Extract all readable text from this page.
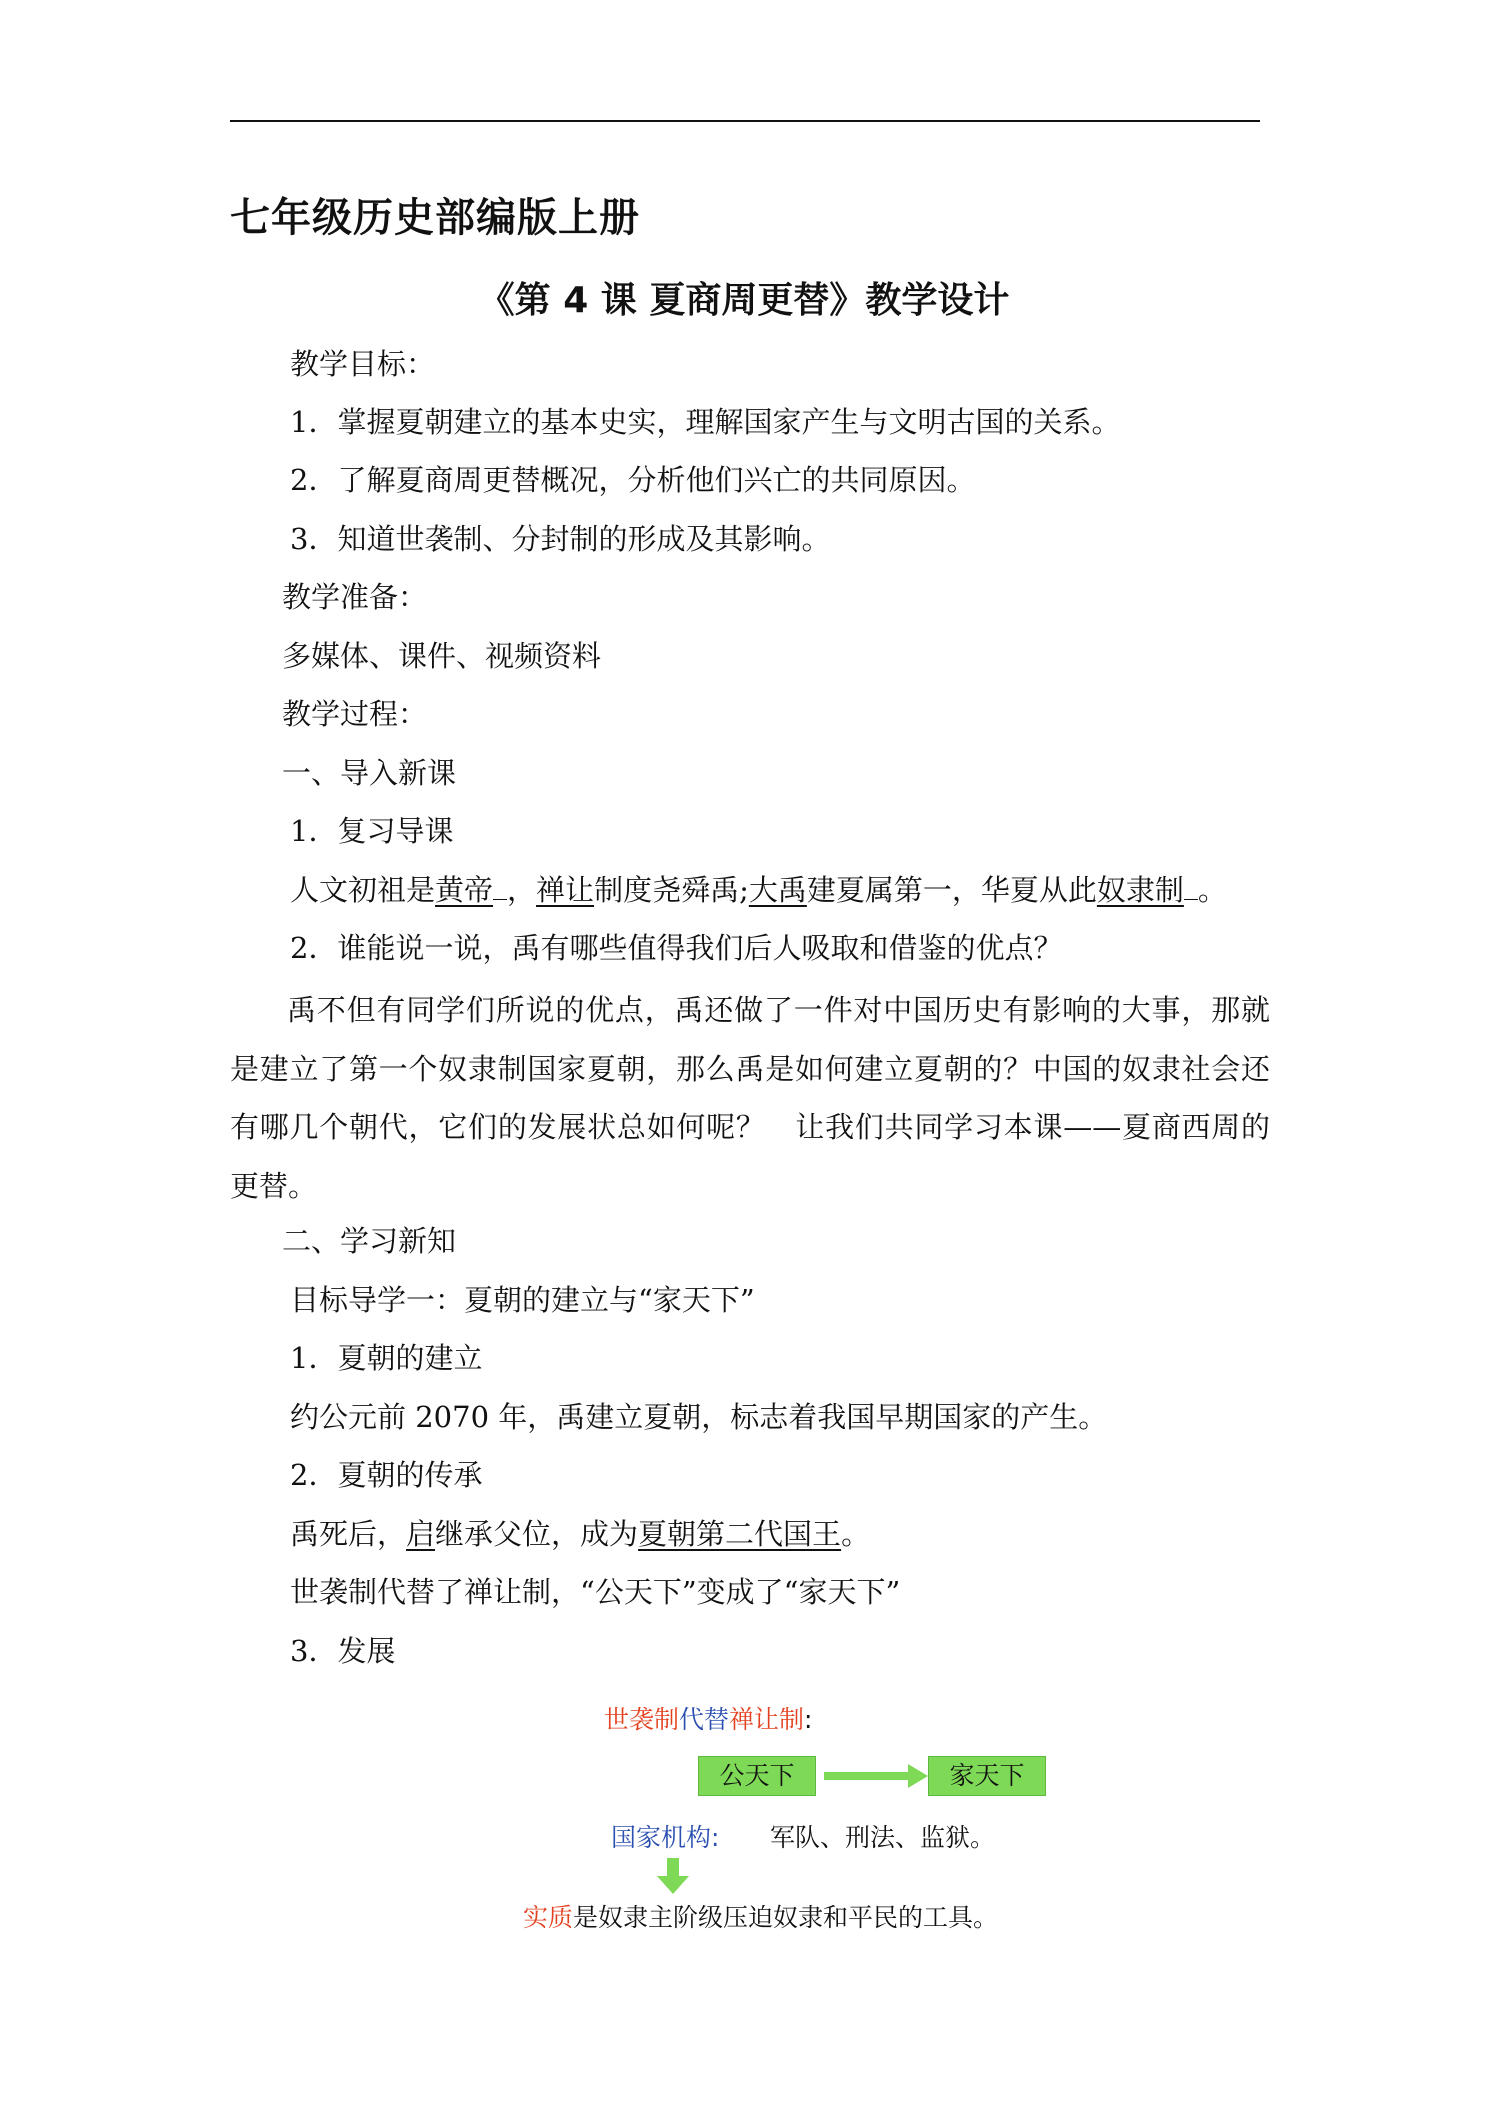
七年级历史部编版上册
《第 4 课 夏商周更替》教学设计
教学目标：
1．掌握夏朝建立的基本史实，理解国家产生与文明古国的关系。
2．了解夏商周更替概况，分析他们兴亡的共同原因。
3．知道世袭制、分封制的形成及其影响。
教学准备：
多媒体、课件、视频资料
教学过程：
一、导入新课
1．复习导课
人文初祖是黄帝 ，禅让制度尧舜禹;大禹建夏属第一，华夏从此奴隶制 。
2．谁能说一说，禹有哪些值得我们后人吸取和借鉴的优点？
禹不但有同学们所说的优点，禹还做了一件对中国历史有影响的大事，那就是建立了第一个奴隶制国家夏朝，那么禹是如何建立夏朝的？中国的奴隶社会还有哪几个朝代，它们的发展状总如何呢？　让我们共同学习本课——夏商西周的更替。
二、学习新知
目标导学一：夏朝的建立与“家天下”
1．夏朝的建立
约公元前 2070 年，禹建立夏朝，标志着我国早期国家的产生。
2．夏朝的传承
禹死后，启继承父位，成为夏朝第二代国王。
世袭制代替了禅让制，“公天下”变成了“家天下”
3．发展
世袭制代替禅让制:
公天下	家天下
国家机构: 军队、刑法、监狱。
实质是奴隶主阶级压迫奴隶和平民的工具。
